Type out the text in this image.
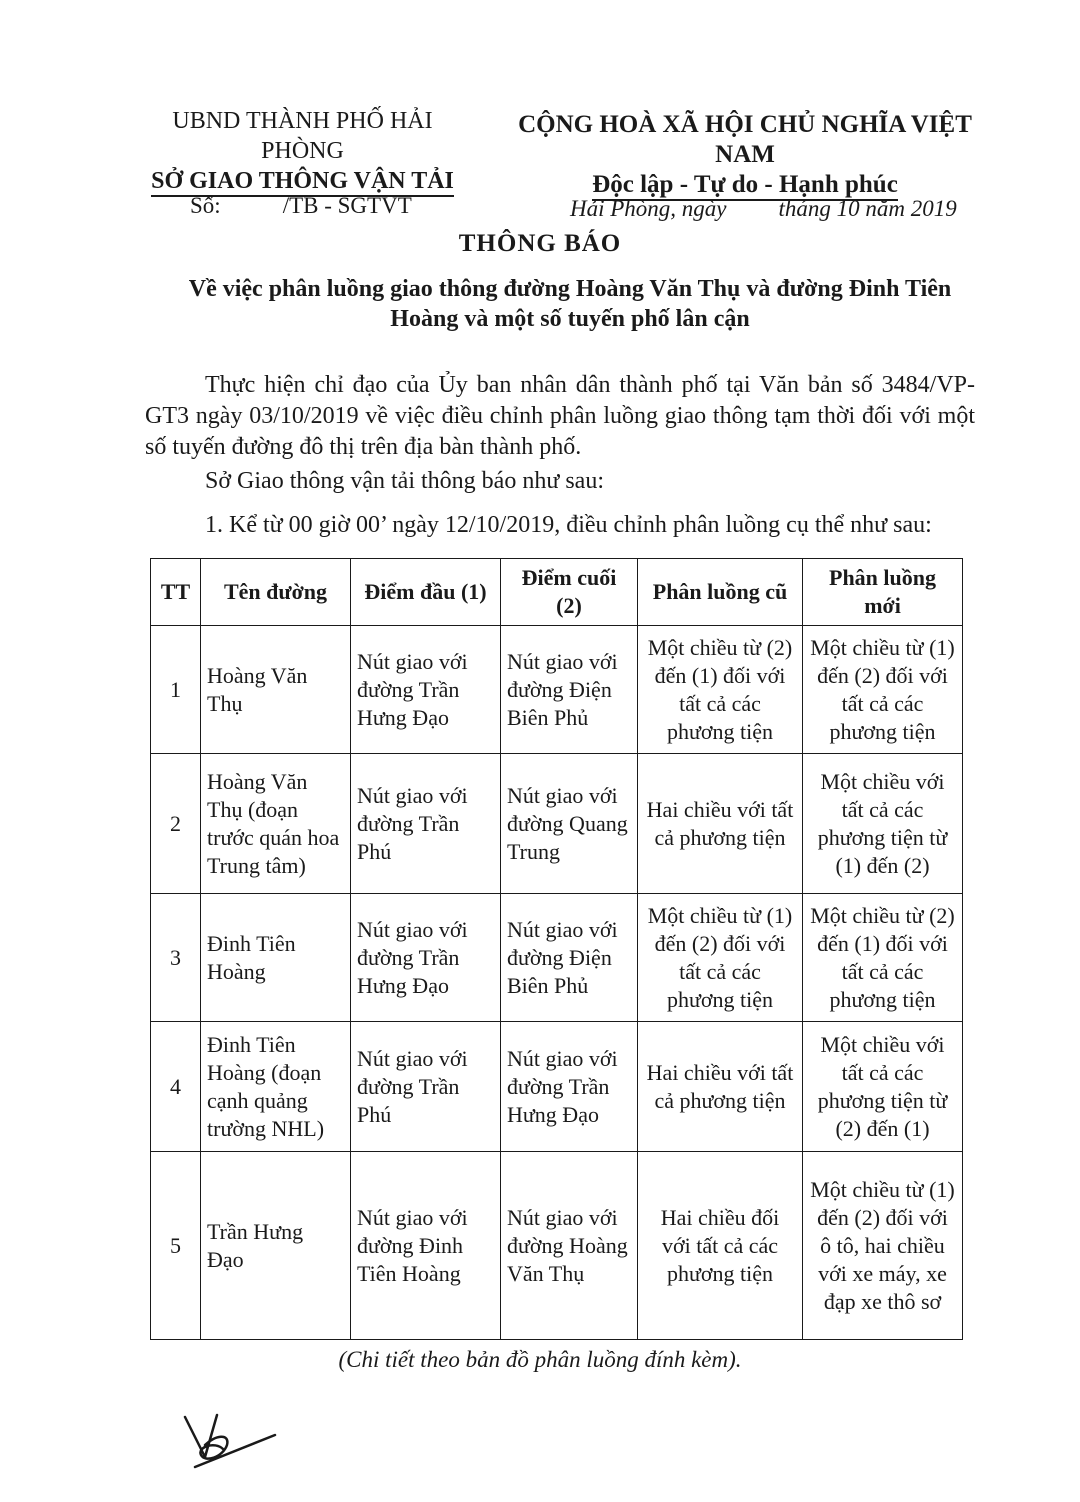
UBND THÀNH PHỐ HẢI PHÒNG
SỞ GIAO THÔNG VẬN TẢI
CỘNG HOÀ XÃ HỘI CHỦ NGHĨA VIỆT NAM
Độc lập - Tự do - Hạnh phúc
Số:	/TB - SGTVT	Hải Phòng, ngày tháng 10 năm 2019
THÔNG BÁO
Về việc phân luồng giao thông đường Hoàng Văn Thụ và đường Đinh Tiên Hoàng và một số tuyến phố lân cận
Thực hiện chỉ đạo của Ủy ban nhân dân thành phố tại Văn bản số 3484/VP-GT3 ngày 03/10/2019 về việc điều chỉnh phân luồng giao thông tạm thời đối với một số tuyến đường đô thị trên địa bàn thành phố.
Sở Giao thông vận tải thông báo như sau:
1. Kể từ 00 giờ 00’ ngày 12/10/2019, điều chỉnh phân luồng cụ thể như sau:
TT	Tên đường	Điểm đầu (1)	Điểm cuối (2)	Phân luồng cũ	Phân luồng mới
1	Hoàng Văn Thụ	Nút giao với đường Trần Hưng Đạo	Nút giao với đường Điện Biên Phủ	Một chiều từ (2) đến (1) đối với tất cả các phương tiện	Một chiều từ (1) đến (2) đối với tất cả các phương tiện
2	Hoàng Văn Thụ (đoạn trước quán hoa Trung tâm)	Nút giao với đường Trần Phú	Nút giao với đường Quang Trung	Hai chiều với tất cả phương tiện	Một chiều với tất cả các phương tiện từ (1) đến (2)
3	Đinh Tiên Hoàng	Nút giao với đường Trần Hưng Đạo	Nút giao với đường Điện Biên Phủ	Một chiều từ (1) đến (2) đối với tất cả các phương tiện	Một chiều từ (2) đến (1) đối với tất cả các phương tiện
4	Đinh Tiên Hoàng (đoạn cạnh quảng trường NHL)	Nút giao với đường Trần Phú	Nút giao với đường Trần Hưng Đạo	Hai chiều với tất cả phương tiện	Một chiều với tất cả các phương tiện từ (2) đến (1)
5	Trần Hưng Đạo	Nút giao với đường Đinh Tiên Hoàng	Nút giao với đường Hoàng Văn Thụ	Hai chiều đối với tất cả các phương tiện	Một chiều từ (1) đến (2) đối với ô tô, hai chiều với xe máy, xe đạp xe thô sơ
(Chi tiết theo bản đồ phân luồng đính kèm).
